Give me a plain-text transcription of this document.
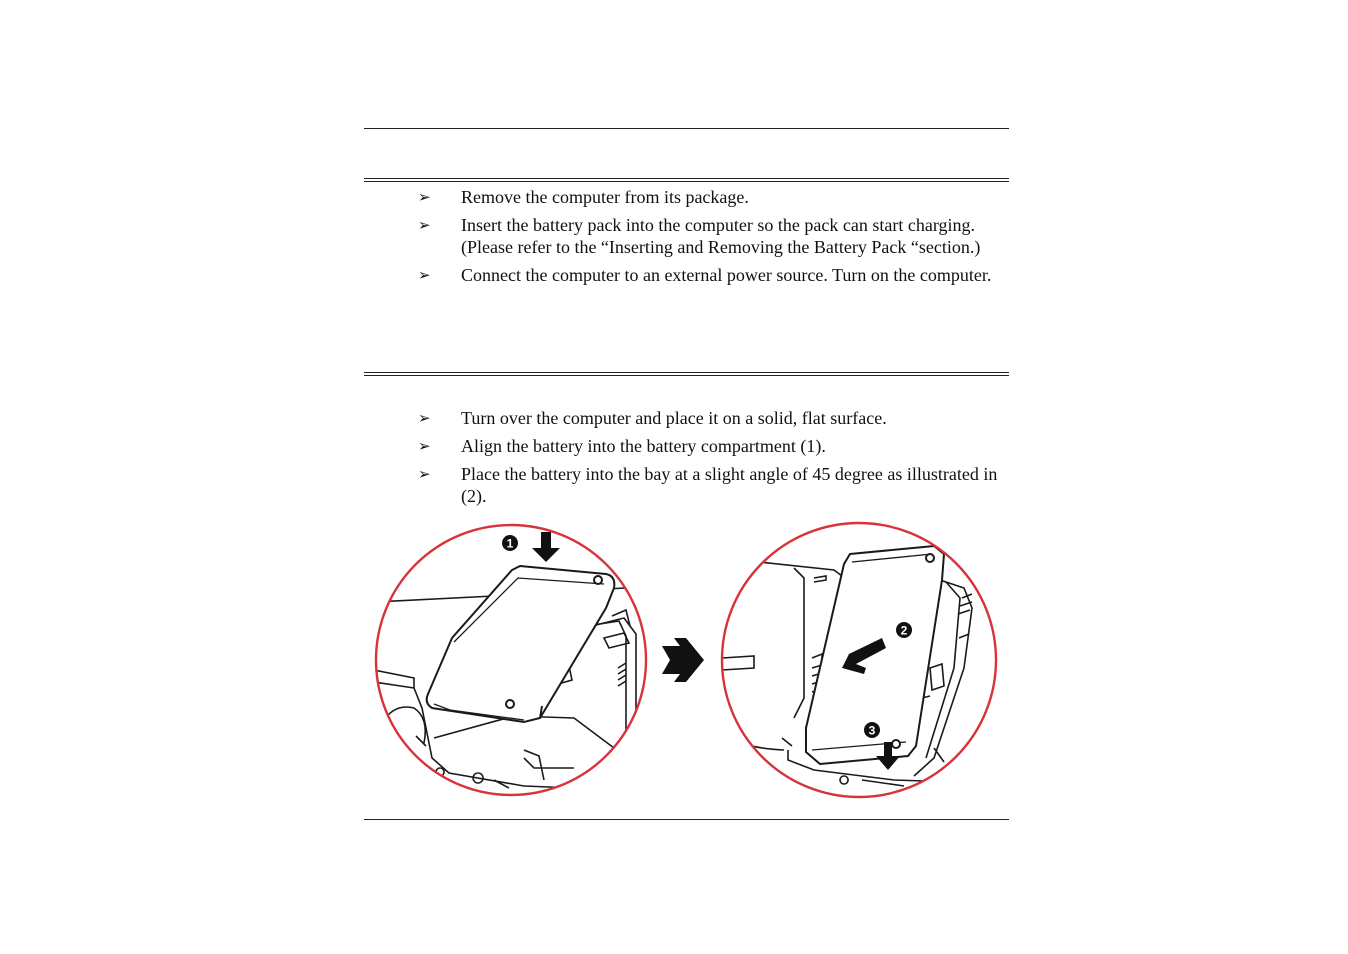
➢	Remove the computer from its package.
➢	Insert the battery pack into the computer so the pack can start charging. (Please refer to the “Inserting and Removing the Battery Pack “section.)
➢	Connect the computer to an external power source. Turn on the computer.
➢	Turn over the computer and place it on a solid, flat surface.
➢	Align the battery into the battery compartment (1).
➢	Place the battery into the bay at a slight angle of 45 degree as illustrated in (2).
1
2
3
